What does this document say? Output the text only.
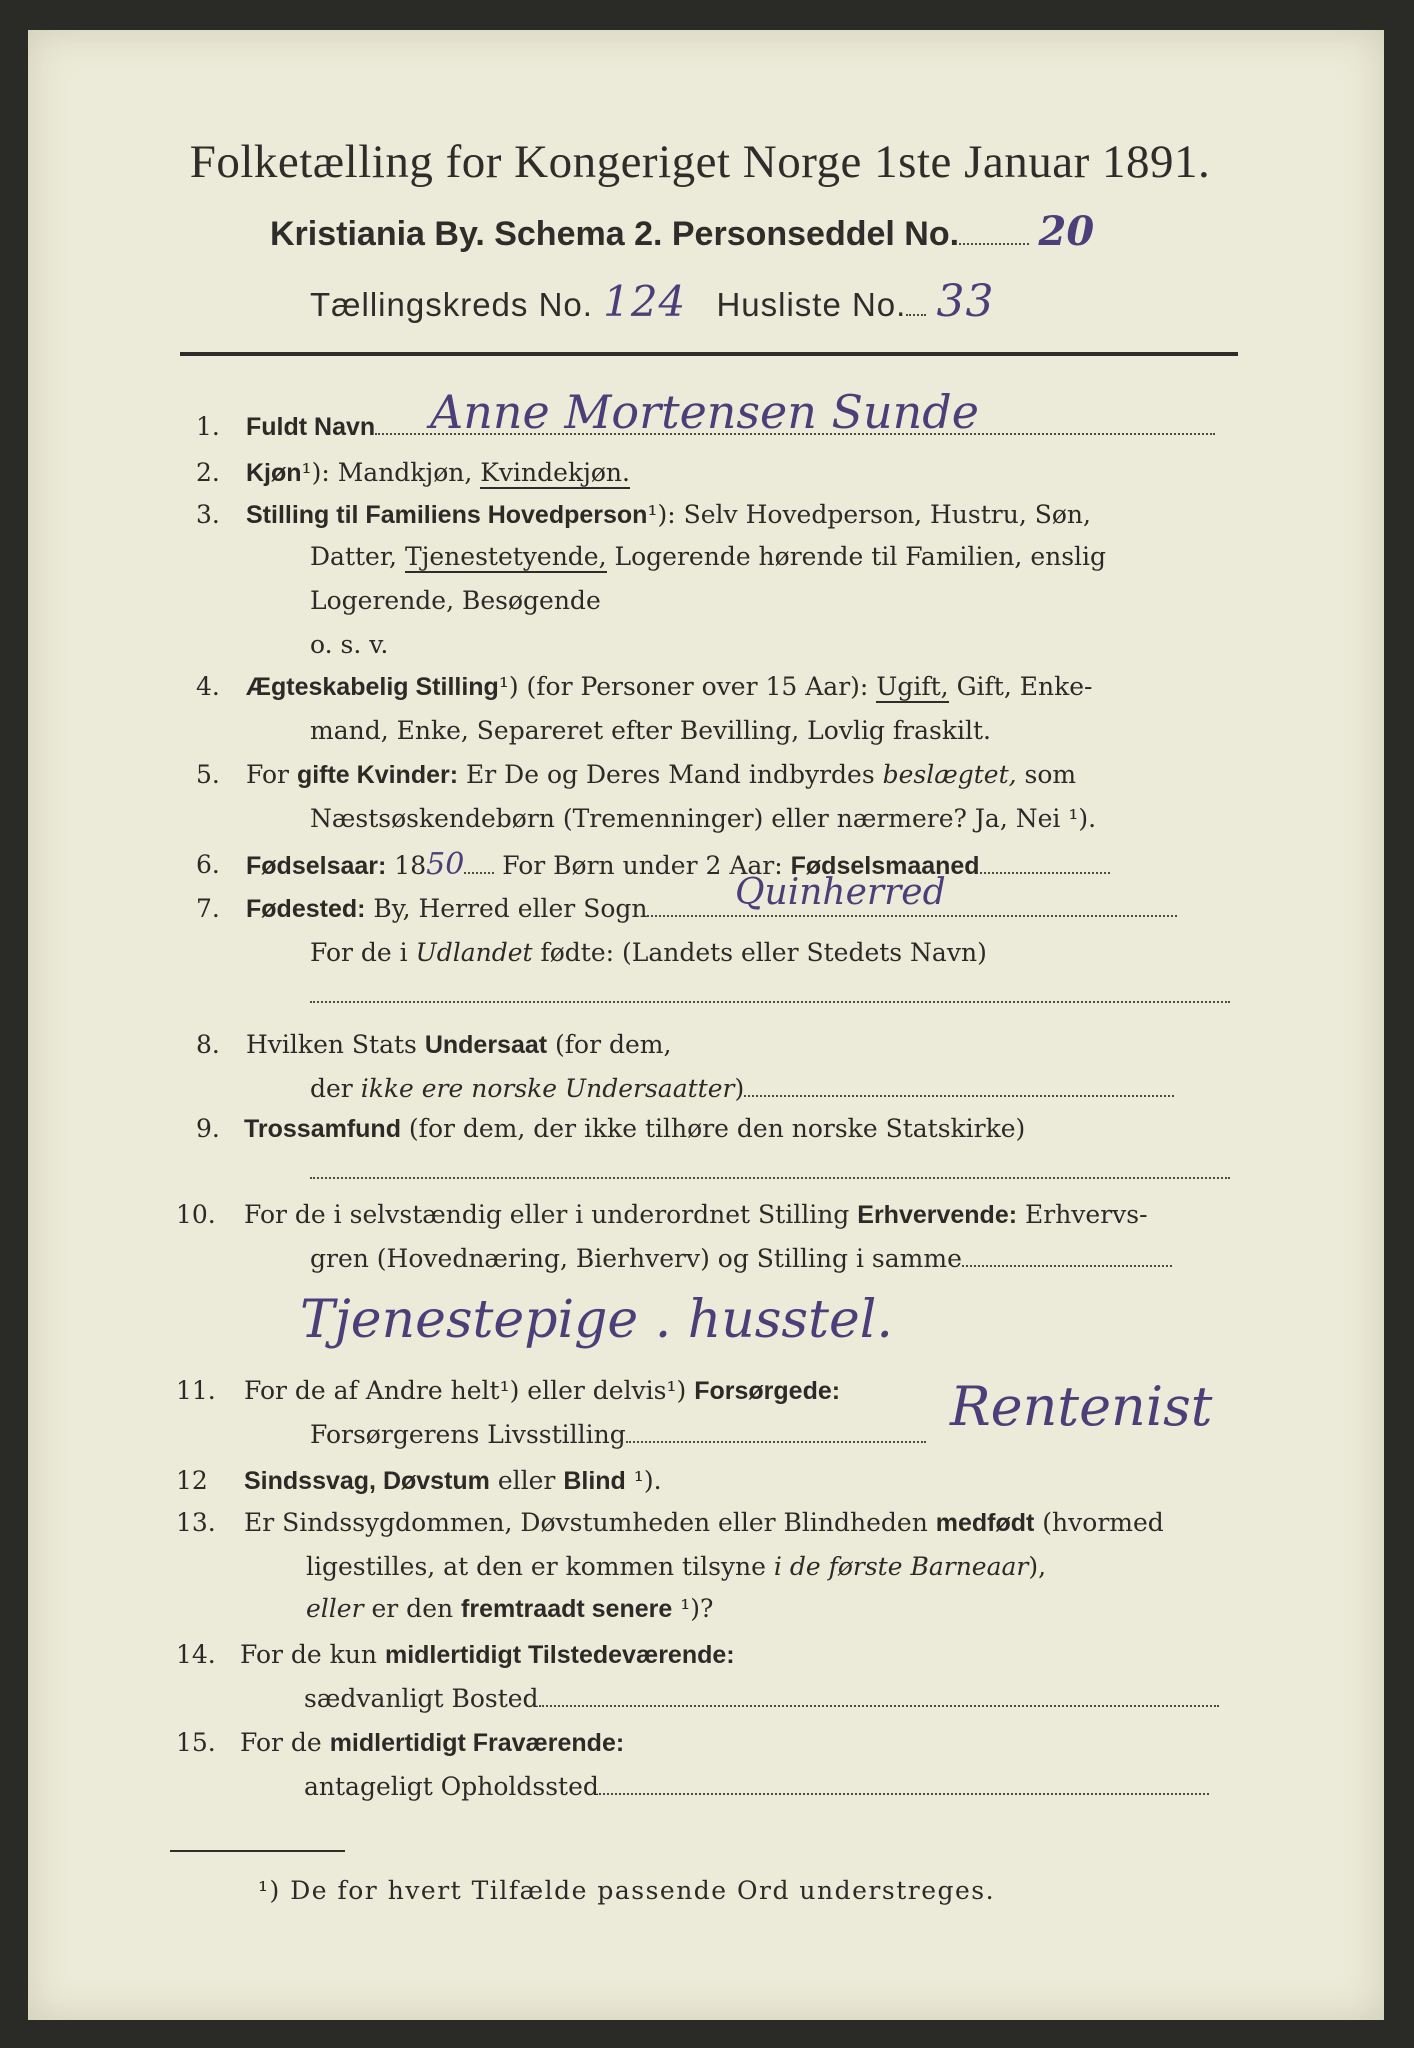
Folketælling for Kongeriget Norge 1ste Januar 1891.
Kristiania By. Schema 2. Personseddel No. 20
Tællingskreds No. 124 Husliste No. 33
1. Fuldt Navn	Anne Mortensen Sunde
2. Kjøn¹): Mandkjøn, Kvindekjøn.
3. Stilling til Familiens Hovedperson¹): Selv Hovedperson, Hustru, Søn,
Datter, Tjenestetyende, Logerende hørende til Familien, enslig
Logerende, Besøgende
o. s. v.
4. Ægteskabelig Stilling¹) (for Personer over 15 Aar): Ugift, Gift, Enke-
mand, Enke, Separeret efter Bevilling, Lovlig fraskilt.
5. For gifte Kvinder: Er De og Deres Mand indbyrdes beslægtet, som
Næstsøskendebørn (Tremenninger) eller nærmere? Ja, Nei ¹).
6. Fødselsaar: 1850 For Børn under 2 Aar: Fødselsmaaned
7. Fødested: By, Herred eller Sogn	Quinherred
For de i Udlandet fødte: (Landets eller Stedets Navn)
8. Hvilken Stats Undersaat (for dem,
der ikke ere norske Undersaatter)
9. Trossamfund (for dem, der ikke tilhøre den norske Statskirke)
10. For de i selvstændig eller i underordnet Stilling Erhvervende: Erhvervs-
gren (Hovednæring, Bierhverv) og Stilling i samme
Tjenestepige . husstel.
11. For de af Andre helt¹) eller delvis¹) Forsørgede:
Forsørgerens Livsstilling	Rentenist
12 Sindssvag, Døvstum eller Blind ¹).
13. Er Sindssygdommen, Døvstumheden eller Blindheden medfødt (hvormed
ligestilles, at den er kommen tilsyne i de første Barneaar),
eller er den fremtraadt senere ¹)?
14. For de kun midlertidigt Tilstedeværende:
sædvanligt Bosted
15. For de midlertidigt Fraværende:
antageligt Opholdssted
¹) De for hvert Tilfælde passende Ord understreges.
